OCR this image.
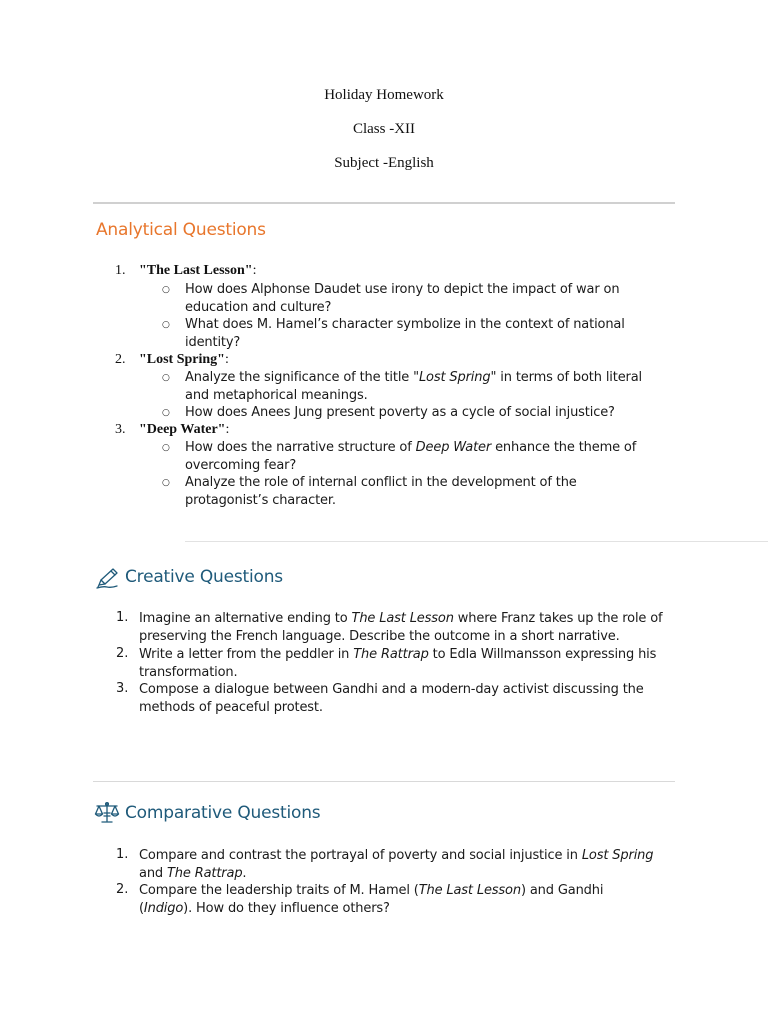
Holiday Homework
Class -XII
Subject -English
Analytical Questions
1. "The Last Lesson":
○ How does Alphonse Daudet use irony to depict the impact of war on
education and culture?
○ What does M. Hamel’s character symbolize in the context of national
identity?
2. "Lost Spring":
○ Analyze the significance of the title "Lost Spring" in terms of both literal
and metaphorical meanings.
○ How does Anees Jung present poverty as a cycle of social injustice?
3. "Deep Water":
○ How does the narrative structure of Deep Water enhance the theme of
overcoming fear?
○ Analyze the role of internal conflict in the development of the
protagonist’s character.
Creative Questions
1. Imagine an alternative ending to The Last Lesson where Franz takes up the role of
preserving the French language. Describe the outcome in a short narrative.
2. Write a letter from the peddler in The Rattrap to Edla Willmansson expressing his
transformation.
3. Compose a dialogue between Gandhi and a modern-day activist discussing the
methods of peaceful protest.
Comparative Questions
1. Compare and contrast the portrayal of poverty and social injustice in Lost Spring
and The Rattrap.
2. Compare the leadership traits of M. Hamel (The Last Lesson) and Gandhi
(Indigo). How do they influence others?
